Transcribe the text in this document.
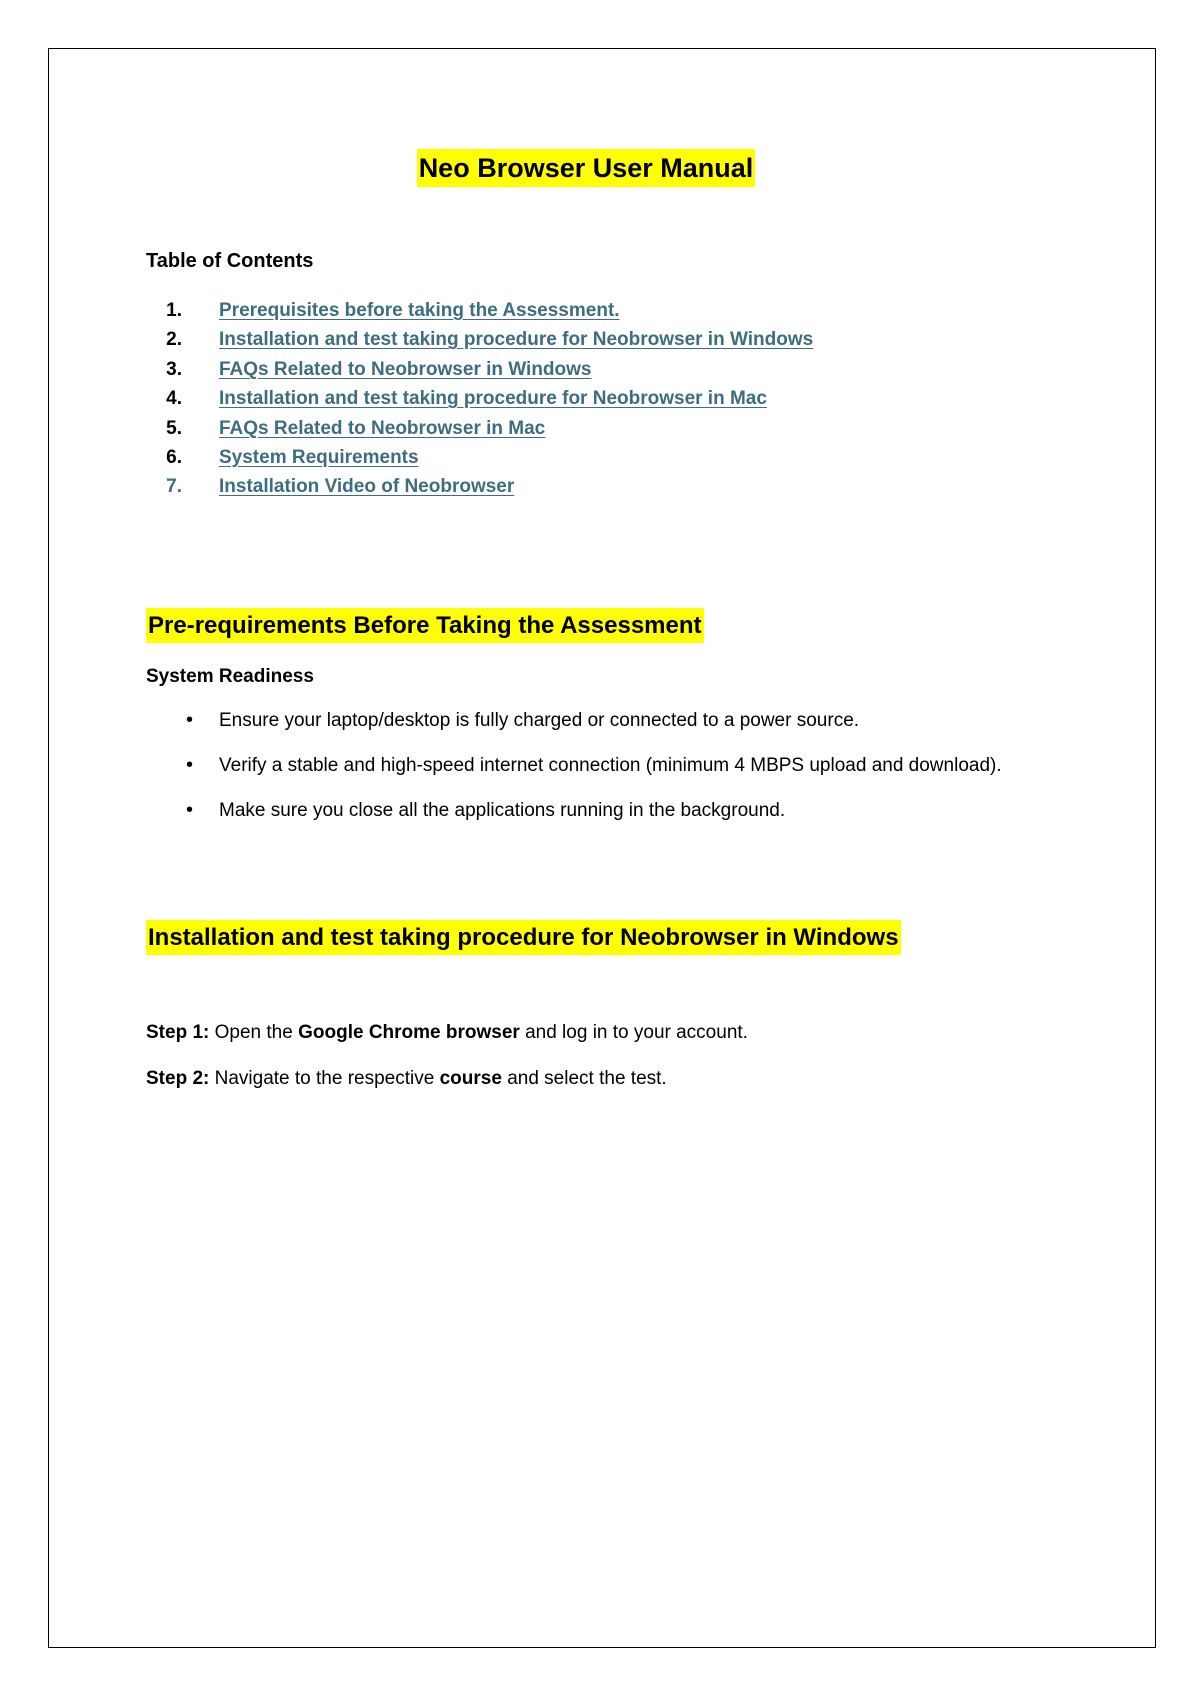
Neo Browser User Manual
Table of Contents
1. Prerequisites before taking the Assessment.
2. Installation and test taking procedure for Neobrowser in Windows
3. FAQs Related to Neobrowser in Windows
4. Installation and test taking procedure for Neobrowser in Mac
5. FAQs Related to Neobrowser in Mac
6. System Requirements
7. Installation Video of Neobrowser
Pre-requirements Before Taking the Assessment
System Readiness
• Ensure your laptop/desktop is fully charged or connected to a power source.
• Verify a stable and high-speed internet connection (minimum 4 MBPS upload and download).
• Make sure you close all the applications running in the background.
Installation and test taking procedure for Neobrowser in Windows

Step 1: Open the Google Chrome browser and log in to your account.

Step 2: Navigate to the respective course and select the test.
